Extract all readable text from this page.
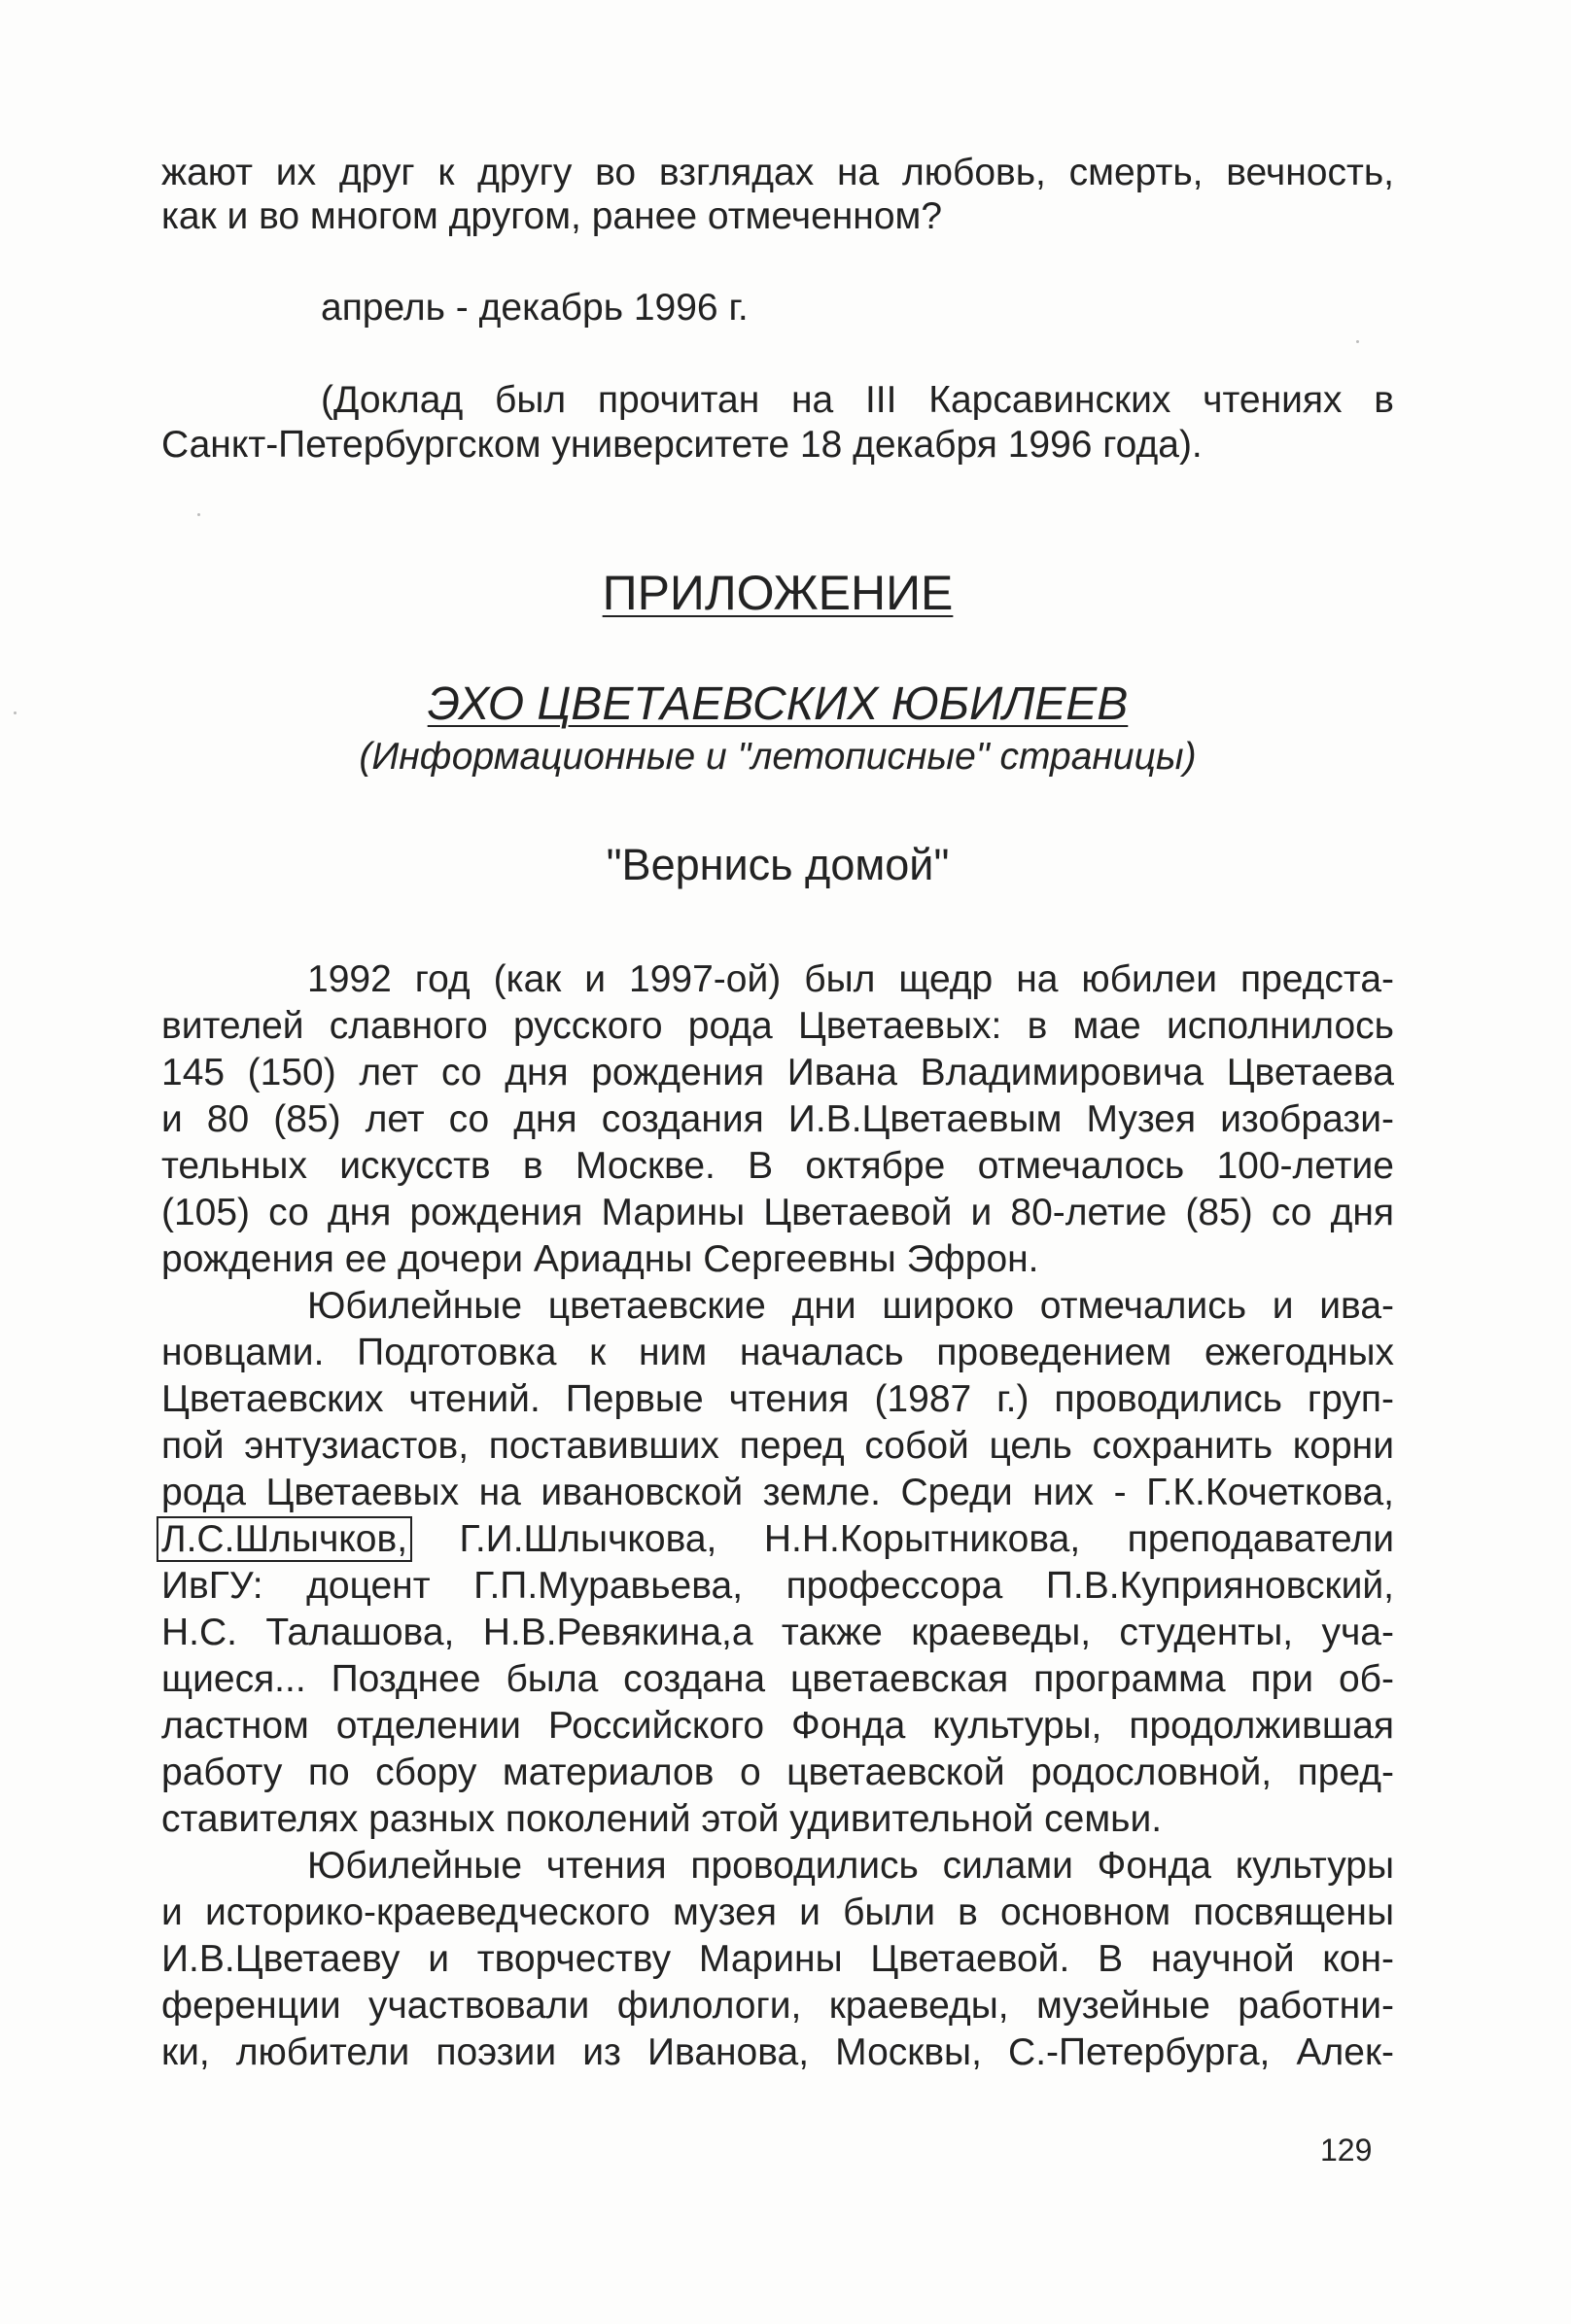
жают их друг к другу во взглядах на любовь, смерть, вечность,
как и во многом другом, ранее отмеченном?
апрель - декабрь 1996 г.
(Доклад был прочитан на III Карсавинских чтениях в
Санкт-Петербургском университете 18 декабря 1996 года).
ПРИЛОЖЕНИЕ
ЭХО ЦВЕТАЕВСКИХ ЮБИЛЕЕВ
(Информационные и "летописные" страницы)
"Вернись домой"
1992 год (как и 1997-ой) был щедр на юбилеи предста-
вителей славного русского рода Цветаевых: в мае исполнилось
145 (150) лет со дня рождения Ивана Владимировича Цветаева
и 80 (85) лет со дня создания И.В.Цветаевым Музея изобрази-
тельных искусств в Москве. В октябре отмечалось 100-летие
(105) со дня рождения Марины Цветаевой и 80-летие (85) со дня
рождения ее дочери Ариадны Сергеевны Эфрон.
Юбилейные цветаевские дни широко отмечались и ива-
новцами. Подготовка к ним началась проведением ежегодных
Цветаевских чтений. Первые чтения (1987 г.) проводились груп-
пой энтузиастов, поставивших перед собой цель сохранить корни
рода Цветаевых на ивановской земле. Среди них - Г.К.Кочеткова,
Л.С.Шлычков, Г.И.Шлычкова, Н.Н.Корытникова, преподаватели
ИвГУ: доцент Г.П.Муравьева, профессора П.В.Куприяновский,
Н.С. Талашова, Н.В.Ревякина,а также краеведы, студенты, уча-
щиеся... Позднее была создана цветаевская программа при об-
ластном отделении Российского Фонда культуры, продолжившая
работу по сбору материалов о цветаевской родословной, пред-
ставителях разных поколений этой удивительной семьи.
Юбилейные чтения проводились силами Фонда культуры
и историко-краеведческого музея и были в основном посвящены
И.В.Цветаеву и творчеству Марины Цветаевой. В научной кон-
ференции участвовали филологи, краеведы, музейные работни-
ки, любители поэзии из Иванова, Москвы, С.-Петербурга, Алек-
129
